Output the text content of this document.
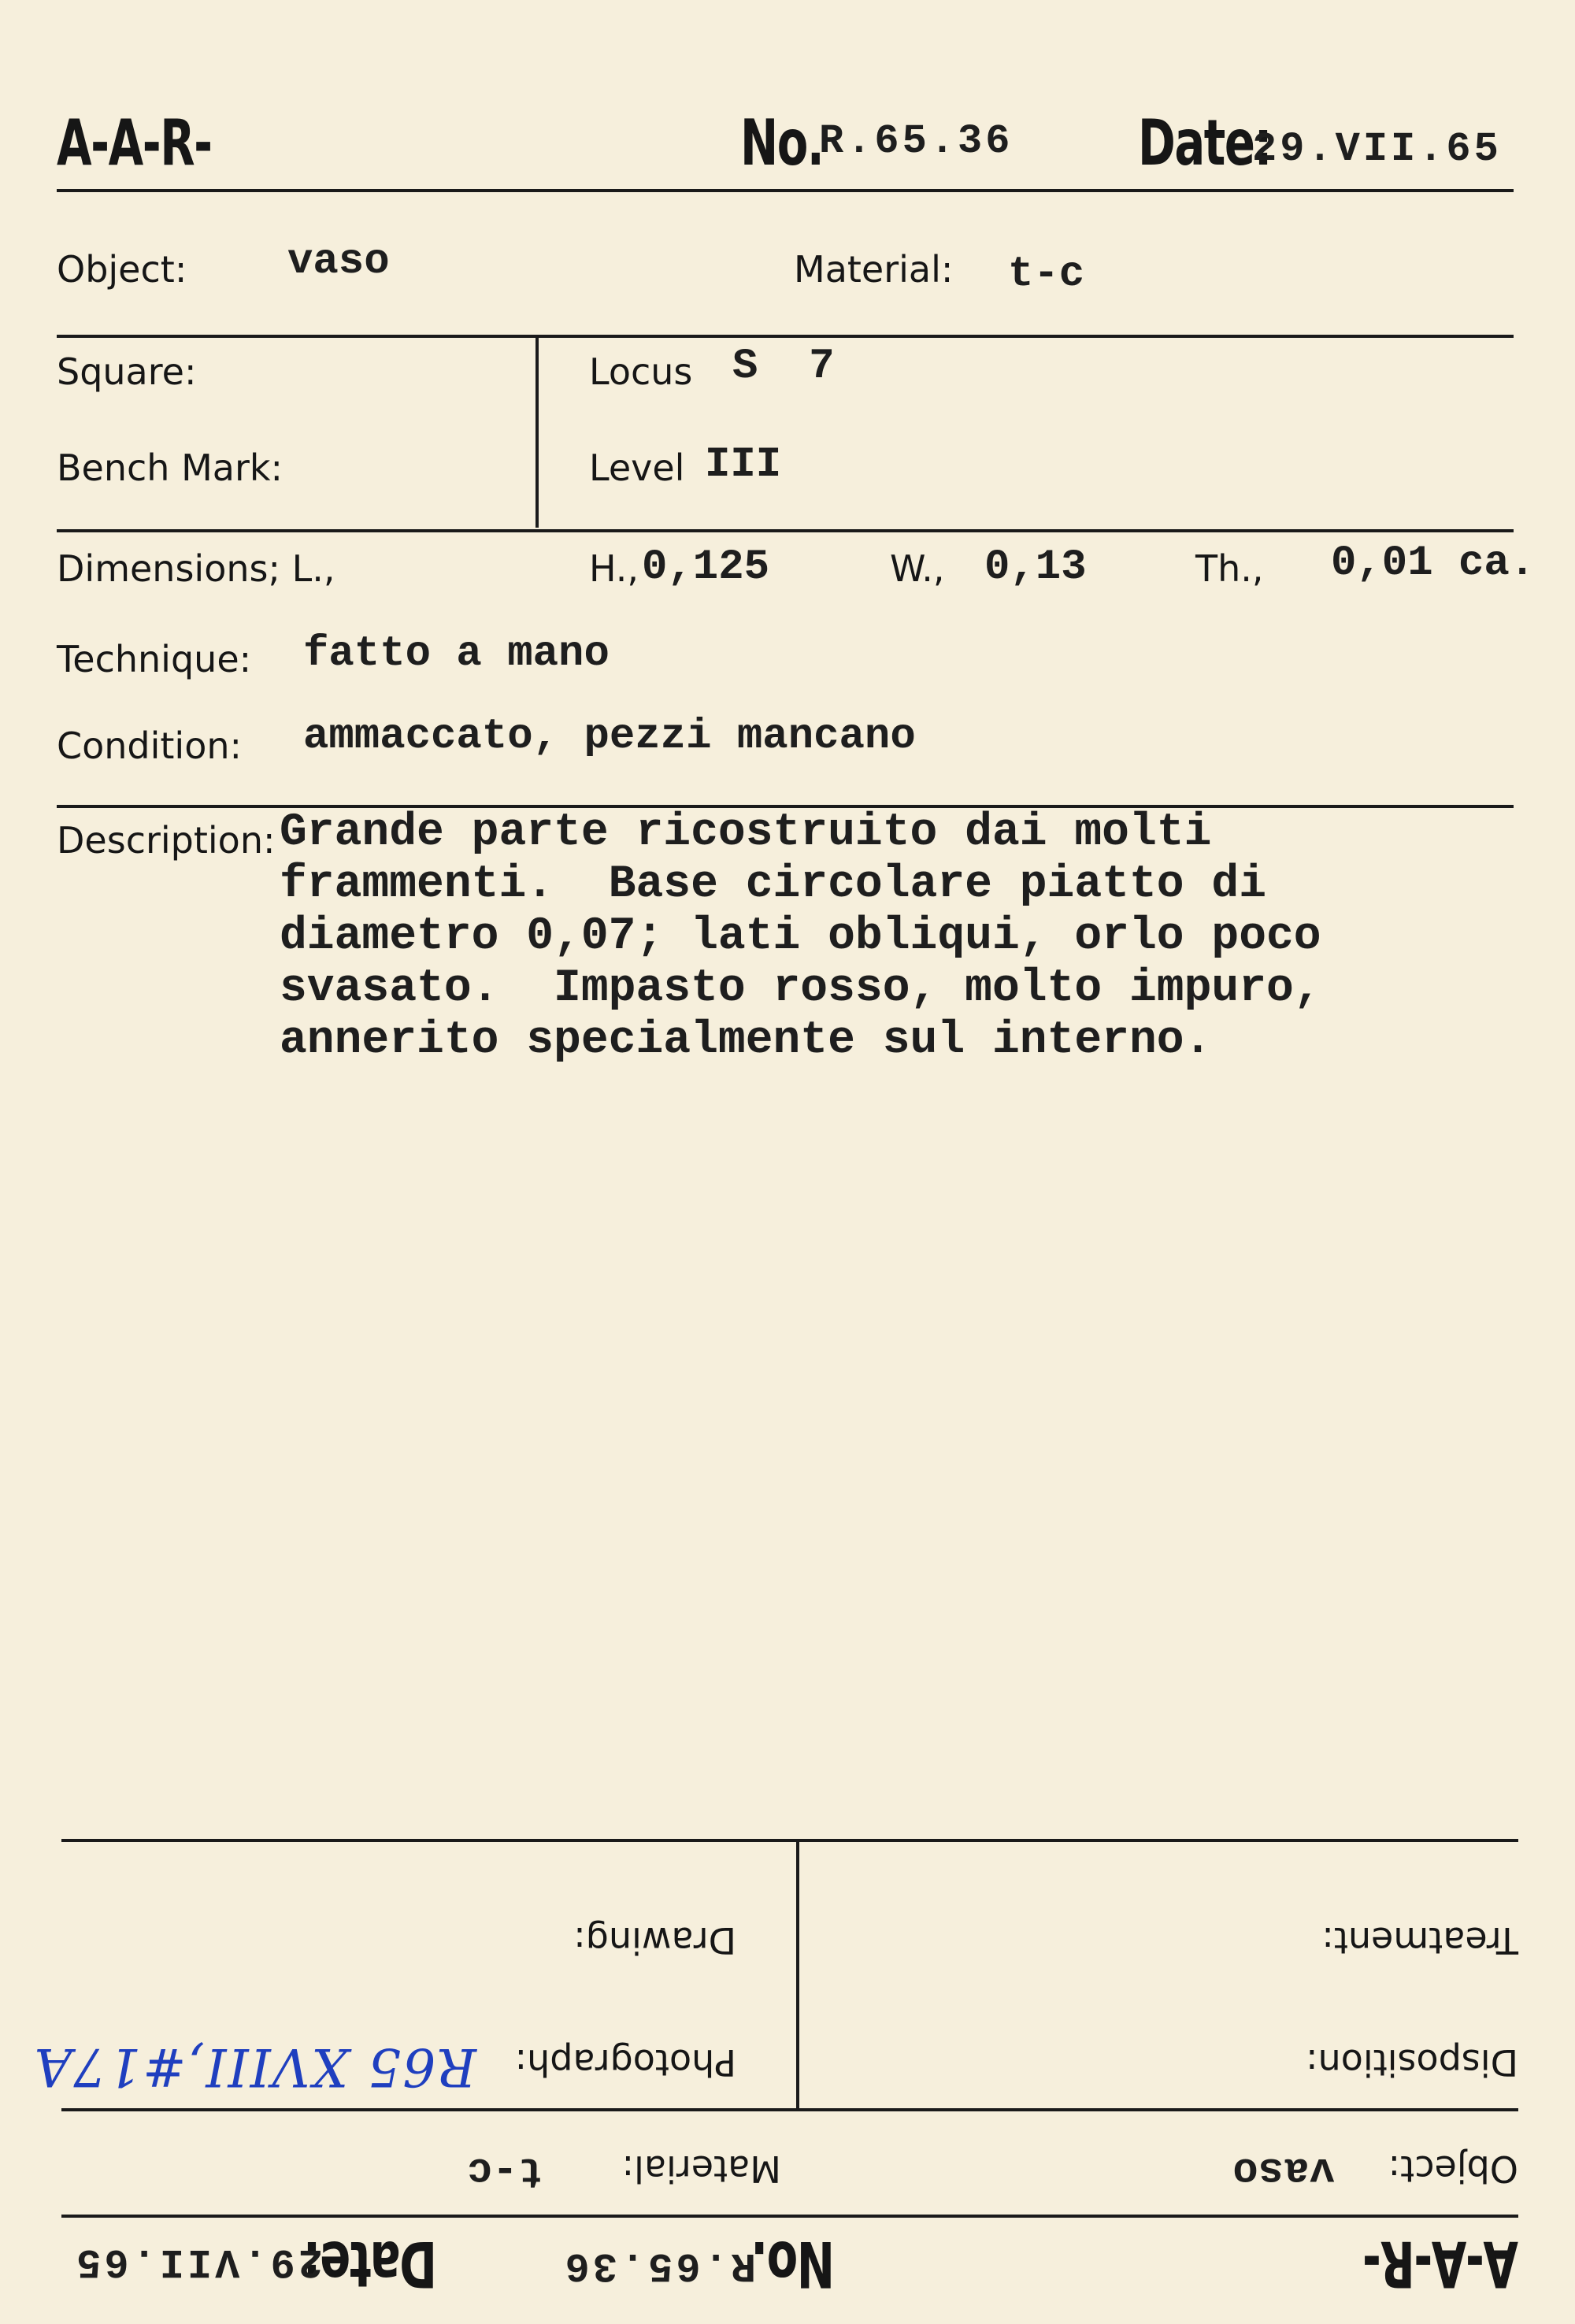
A-A-R-	No.
R.65.36 Date:
29.VII.65
Object: vaso	Material: t-c
Square:	Locus S  7
Bench Mark:	Level III
Dimensions; L.,	H., 0,125	W., 0,13	Th., 0,01 ca.
Technique: fatto a mano
Condition: ammaccato, pezzi mancano
Description: Grande parte ricostruito dai molti
frammenti.  Base circolare piatto di
diametro 0,07; lati obliqui, orlo poco
svasato.  Impasto rosso, molto impuro,
annerito specialmente sul interno.
A-A-R-
No.
R.65.36
Date:
29.VII.65
Object:
vaso
Material:
t-c
Disposition:
Photograph:
R65 XVIII,#17A
Treatment:
Drawing:
